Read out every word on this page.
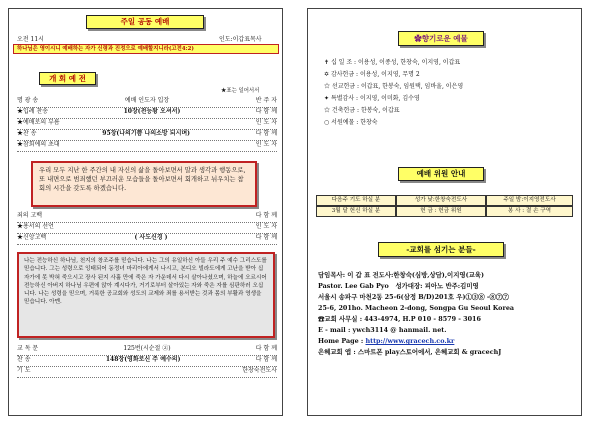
주일 공동 예배
오전 11시	인도:이갑표목사
하나님은 영이시니 예배하는 자가 신령과 진정으로 예배할지니라(고전4:2)
개 회 예 전
★표는 일어서서
명 광 송	예배 인도자 입장	반 주 자
★입례 찬송	10장(전능왕 오셔서)	다 함 께
★예배로의 부름	인 도 자
★찬 송	95장(나의기쁨 나의소망 되시며)	다 함 께
★참회에의 초대	인 도 자
우리 모두 지난 한 주간의 내 자신의 삶을 돌아보면서 말과 생각과 행동으로, 또 내면으로 범죄했던 부끄러운 모습들을 돌아보면서 회개하고 뉘우치는 참회의 시간을 갖도록 하겠습니다.
죄의 고백	다 함 께
★용서의 선언	인 도 자
★신앙고백	( 사도신경 )	다 함 께
나는 전능하신 하나님, 천지의 창조주를 믿습니다. 나는 그의 유일하신 아들 우리 주 예수 그리스도를 믿습니다. 그는 성령으로 잉태되어 동정녀 마리아에게서 나시고, 본디오 빌라도에게 고난을 받아 십자가에 못 박혀 죽으시고 장사 된지 사흘 만에 죽은 자 가운데서 다시 살아나셨으며, 하늘에 오르시어 전능하신 아버지 하나님 우편에 앉아 계시다가, 거기로부터 살아있는 자와 죽은 자를 심판하러 오십니다. 나는 성령을 믿으며, 거룩한 공교회와 성도의 교제와 죄를 용서받는 것과 몸의 부활과 영생을 믿습니다. 아멘.
교 독 문	125번(시순절 ②)	다 함 께
찬 송	148장(영화로신 주 예수의)	다 함 께
기 도	한창숙전도사
✿향기로운 예물
✝ 십 일 조 : 이용성, 이종성, 한창숙, 이지영, 이갑표
✡ 감사헌금 : 이용성, 이지영, 무명 2
☆ 선교헌금 : 이갑표, 한봉숙, 임원택, 임바울, 이은영
✦ 특별감사 : 이지영, 이미화, 김수영
☆ 건축헌금 : 한봉숙, 이갑표
○ 서원예물 : 한창숙
예배 위원 안내
다음주 기도 하실 분	성가 낮:한창숙전도사	주일 밤:이지영전도사
3월 달 헌신 하실 분	헌 금 : 헌금 위원	봉 사 : 결 손 구역
-교회를 섬기는 분들-
담임목사: 이 갑 표 전도사:한창숙(심방,상담),이지영(교육)
Pastor. Lee Gab Pyo 성가대장: 피아노 반주:김미영
서울시 송파구 마천2동 25-6(삼정 B/D)201호 우)①③⑧ -⑧⑦⑦
25-6, 201ho. Macheon 2-dong, Songpa Gu Seoul Korea
☎교회 사무실 : 443-4974, H.P 010 - 8579 - 3016
E - mail : ywch3114 @ hanmail. net.
Home Page : http://www.gracech.co.kr
은혜교회 앱 : 스마트폰 play스토어에서, 은혜교회 & gracechJ
